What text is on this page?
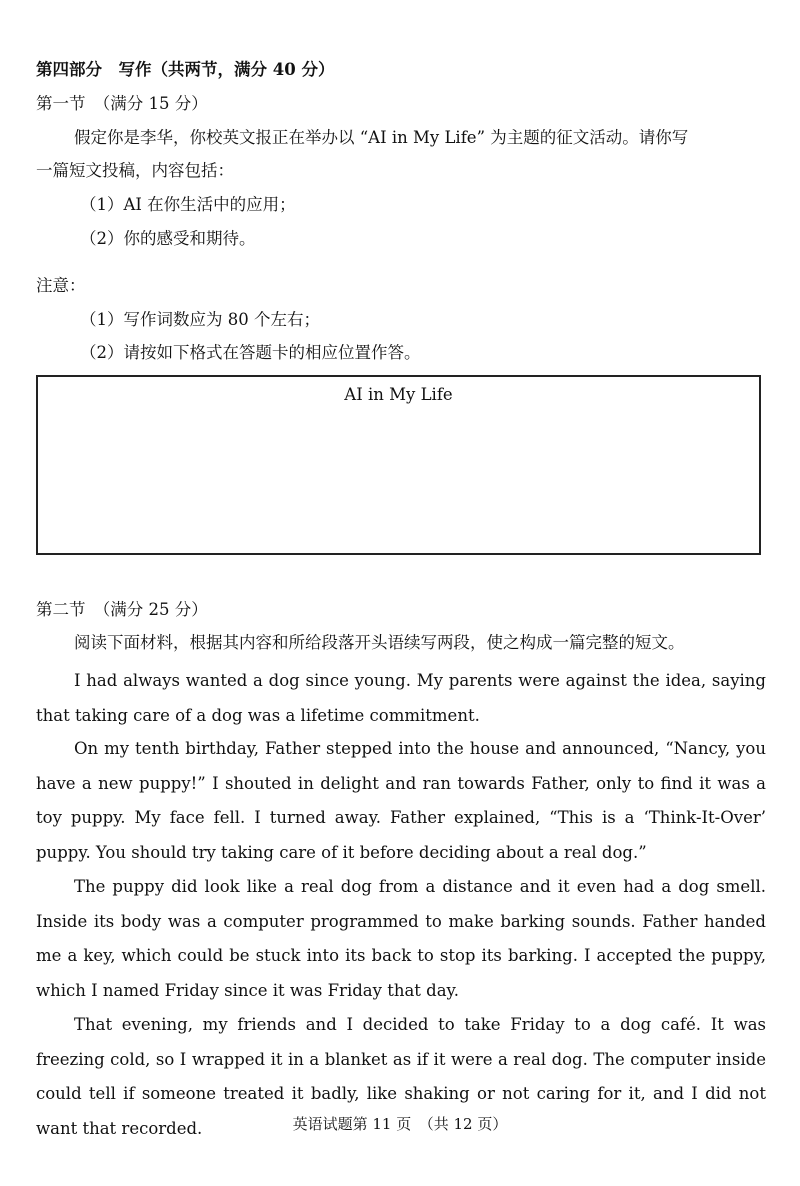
第四部分　写作（共两节，满分 40 分）
第一节　（满分 15 分）
假定你是李华，你校英文报正在举办以 “AI in My Life” 为主题的征文活动。请你写
一篇短文投稿，内容包括：
（1）AI 在你生活中的应用；
（2）你的感受和期待。
注意：
（1）写作词数应为 80 个左右；
（2）请按如下格式在答题卡的相应位置作答。
AI in My Life
第二节　（满分 25 分）
阅读下面材料，根据其内容和所给段落开头语续写两段，使之构成一篇完整的短文。

I had always wanted a dog since young. My parents were against the idea, saying that taking care of a dog was a lifetime commitment.

On my tenth birthday, Father stepped into the house and announced, “Nancy, you have a new puppy!” I shouted in delight and ran towards Father, only to find it was a toy puppy. My face fell. I turned away. Father explained, “This is a ‘Think-It-Over’ puppy. You should try taking care of it before deciding about a real dog.”

The puppy did look like a real dog from a distance and it even had a dog smell. Inside its body was a computer programmed to make barking sounds. Father handed me a key, which could be stuck into its back to stop its barking. I accepted the puppy, which I named Friday since it was Friday that day.

That evening, my friends and I decided to take Friday to a dog café. It was freezing cold, so I wrapped it in a blanket as if it were a real dog. The computer inside could tell if someone treated it badly, like shaking or not caring for it, and I did not want that recorded.	英语试题第 11 页　（共 12 页）
